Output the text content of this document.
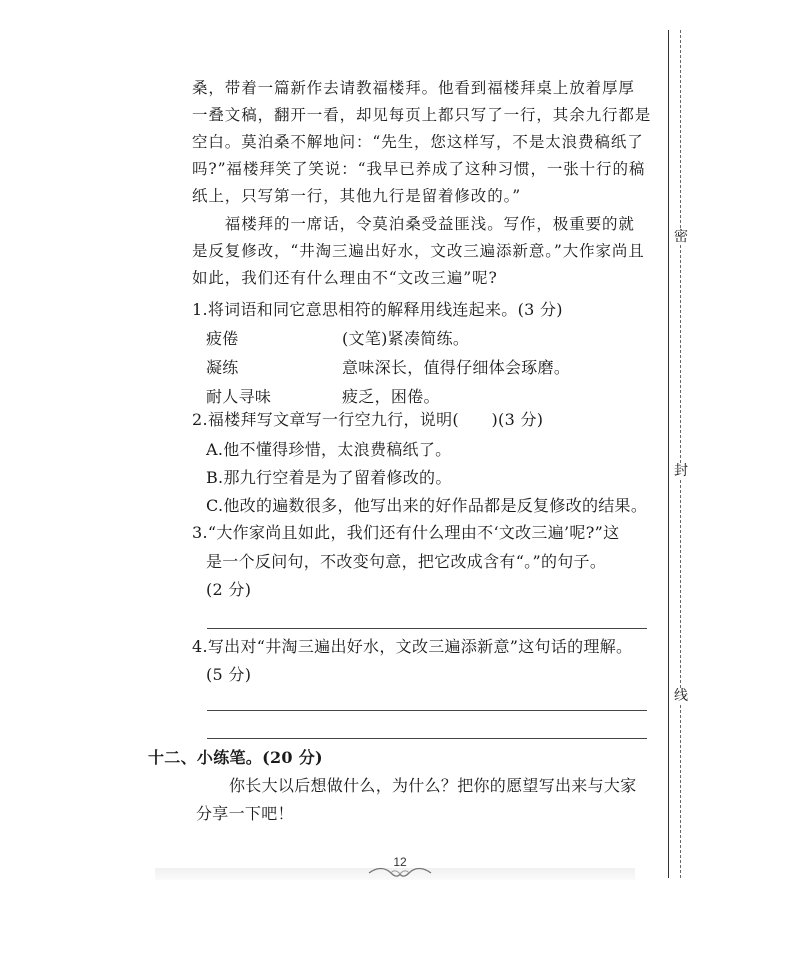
桑，带着一篇新作去请教福楼拜。他看到福楼拜桌上放着厚厚
一叠文稿，翻开一看，却见每页上都只写了一行，其余九行都是
空白。莫泊桑不解地问：“先生，您这样写，不是太浪费稿纸了
吗?”福楼拜笑了笑说：“我早已养成了这种习惯，一张十行的稿
纸上，只写第一行，其他九行是留着修改的。”
　　福楼拜的一席话，令莫泊桑受益匪浅。写作，极重要的就
是反复修改，“井淘三遍出好水，文改三遍添新意。”大作家尚且
如此，我们还有什么理由不“文改三遍”呢?
1.将词语和同它意思相符的解释用线连起来。(3 分)
疲倦
凝练
耐人寻味
(文笔)紧凑简练。
意味深长，值得仔细体会琢磨。
疲乏，困倦。
2.福楼拜写文章写一行空九行，说明(　　)(3 分)
A.他不懂得珍惜，太浪费稿纸了。
B.那九行空着是为了留着修改的。
C.他改的遍数很多，他写出来的好作品都是反复修改的结果。
3.“大作家尚且如此，我们还有什么理由不‘文改三遍’呢?”这
是一个反问句，不改变句意，把它改成含有“。”的句子。
(2 分)
4.写出对“井淘三遍出好水，文改三遍添新意”这句话的理解。
(5 分)
十二、小练笔。(20 分)
你长大以后想做什么，为什么？把你的愿望写出来与大家
分享一下吧！
密
封
线
12
